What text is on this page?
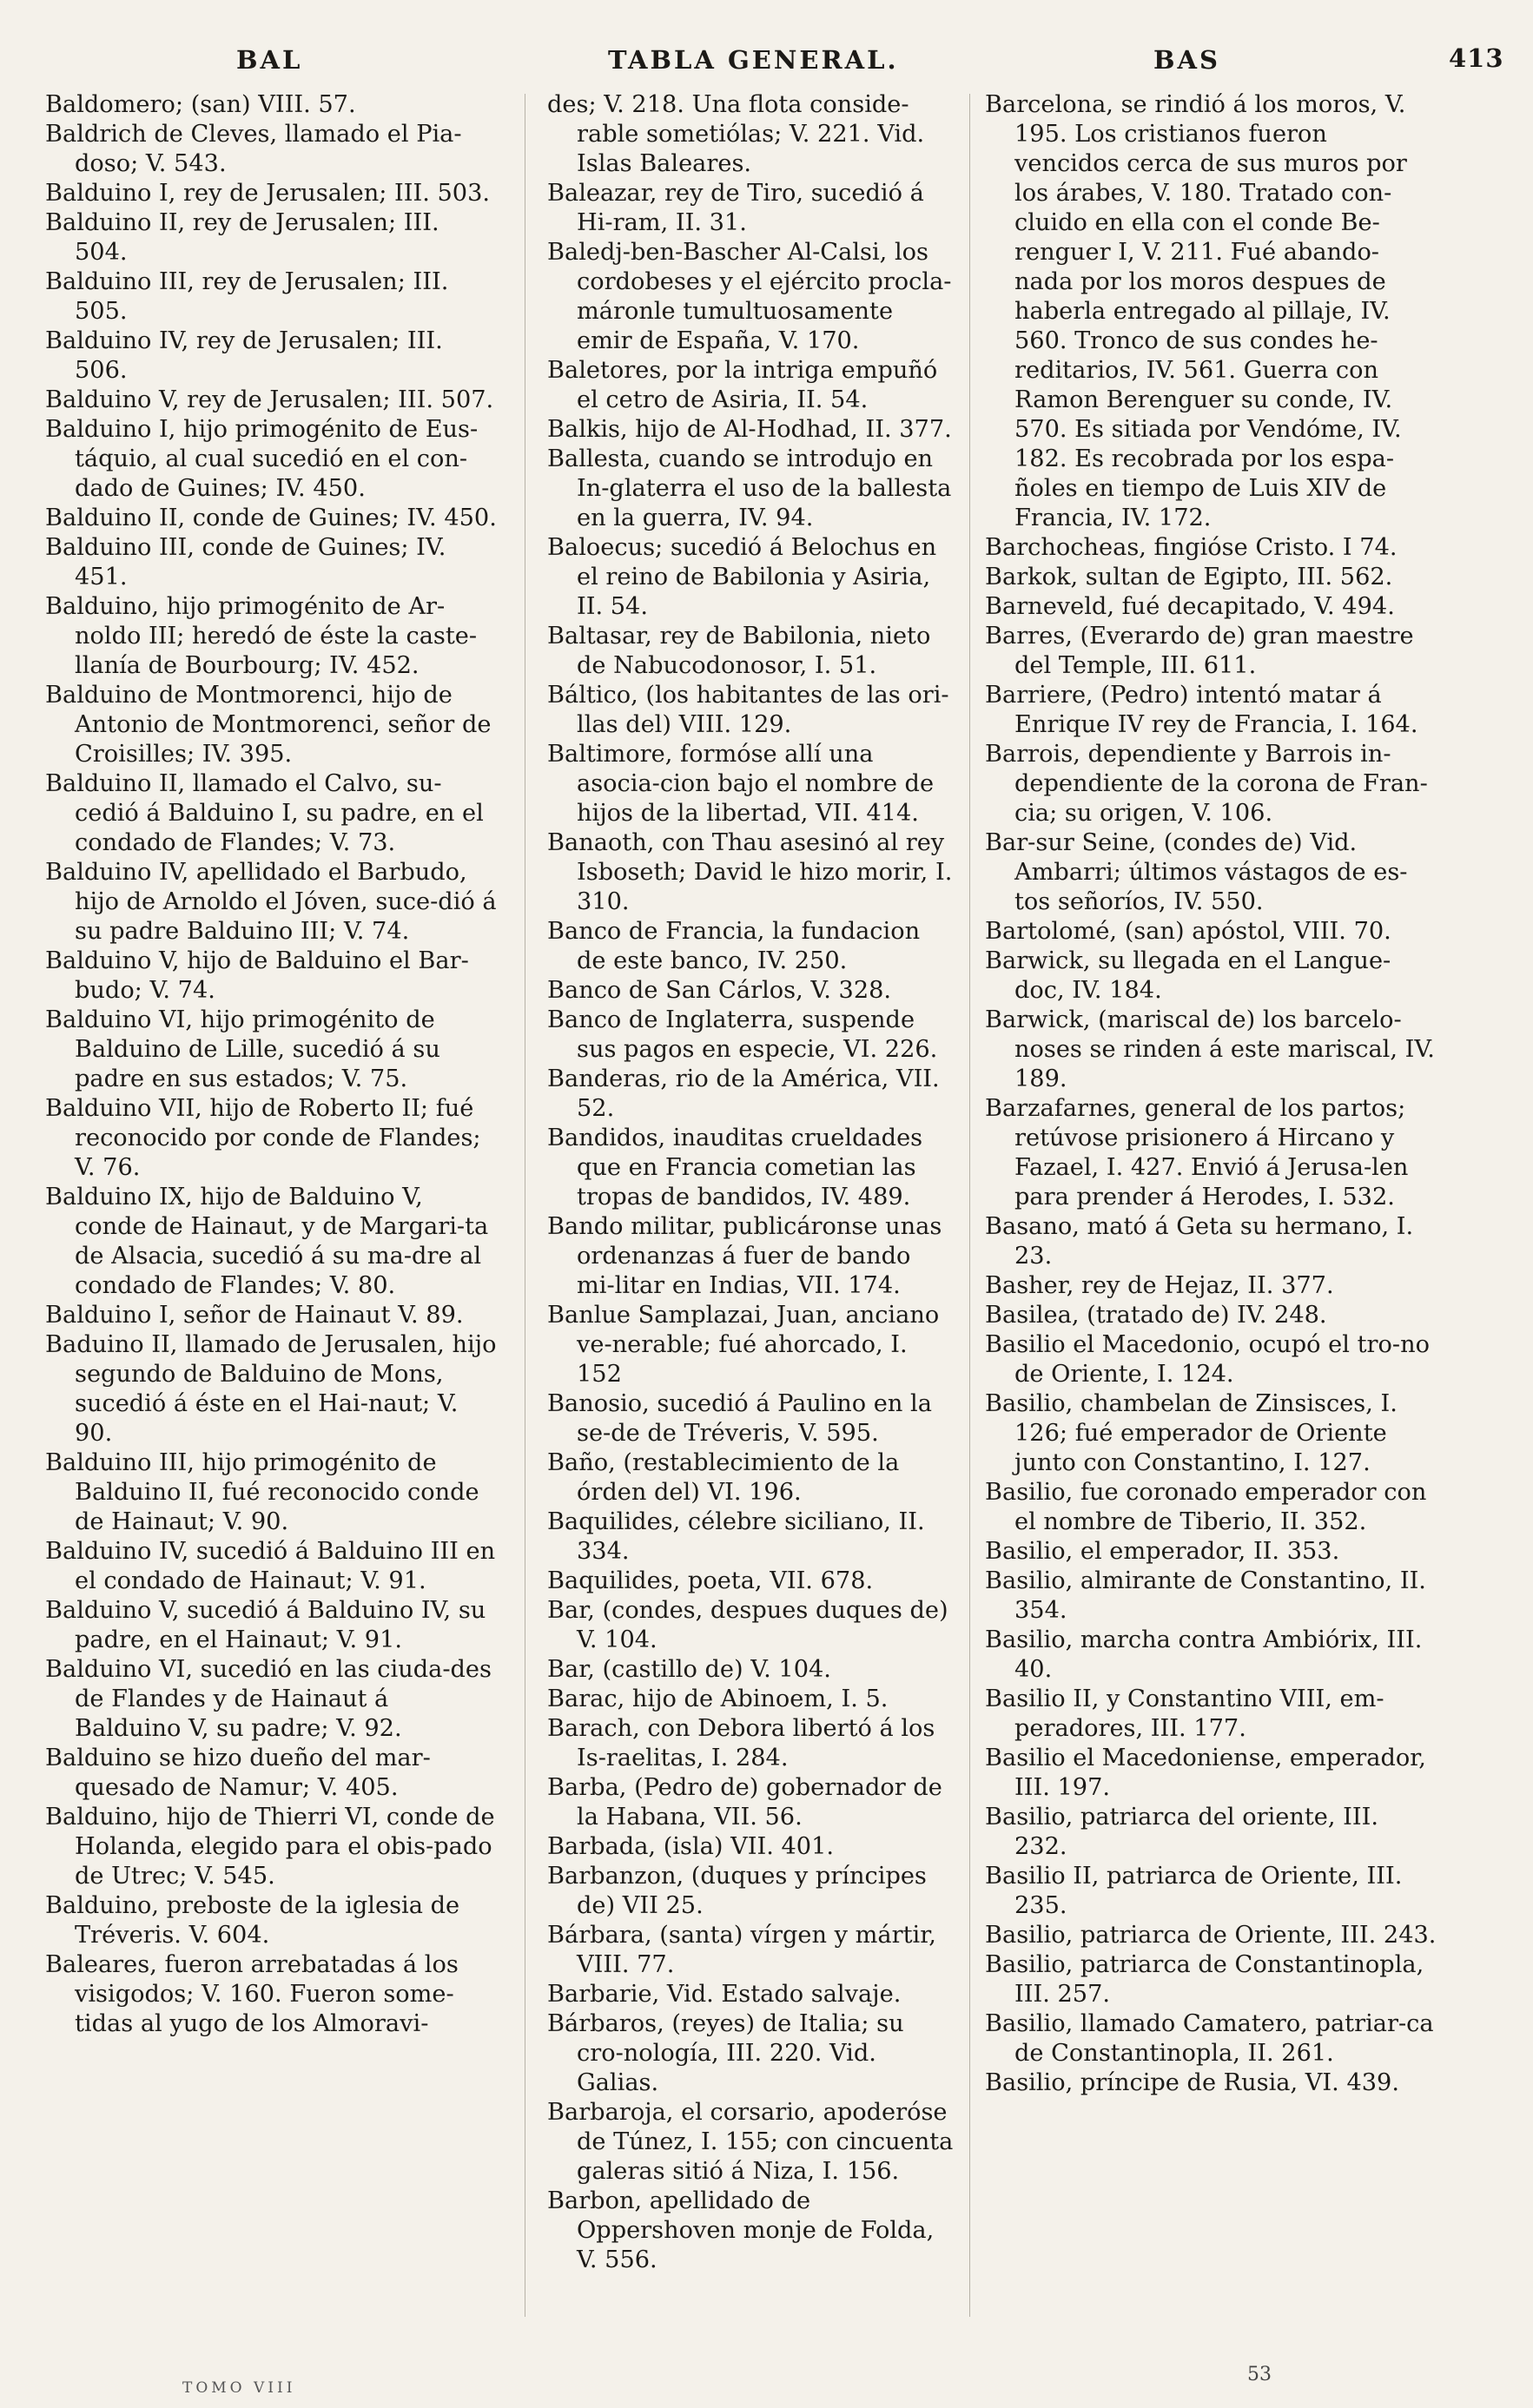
BAL	TABLA GENERAL.	BAS	413

Baldomero; (san) VIII. 57.

Baldrich de Cleves, llamado el Pia-doso; V. 543.

Balduino I, rey de Jerusalen; III. 503.

Balduino II, rey de Jerusalen; III. 504.

Balduino III, rey de Jerusalen; III. 505.

Balduino IV, rey de Jerusalen; III. 506.

Balduino V, rey de Jerusalen; III. 507.

Balduino I, hijo primogénito de Eus-táquio, al cual sucedió en el con-dado de Guines; IV. 450.

Balduino II, conde de Guines; IV. 450.

Balduino III, conde de Guines; IV. 451.

Balduino, hijo primogénito de Ar-noldo III; heredó de éste la caste-llanía de Bourbourg; IV. 452.

Balduino de Montmorenci, hijo de Antonio de Montmorenci, señor de Croisilles; IV. 395.

Balduino II, llamado el Calvo, su-cedió á Balduino I, su padre, en el condado de Flandes; V. 73.

Balduino IV, apellidado el Barbudo, hijo de Arnoldo el Jóven, suce-dió á su padre Balduino III; V. 74.

Balduino V, hijo de Balduino el Bar-budo; V. 74.

Balduino VI, hijo primogénito de Balduino de Lille, sucedió á su padre en sus estados; V. 75.

Balduino VII, hijo de Roberto II; fué reconocido por conde de Flandes; V. 76.

Balduino IX, hijo de Balduino V, conde de Hainaut, y de Margari-ta de Alsacia, sucedió á su ma-dre al condado de Flandes; V. 80.

Balduino I, señor de Hainaut V. 89.

Baduino II, llamado de Jerusalen, hijo segundo de Balduino de Mons, sucedió á éste en el Hai-naut; V. 90.

Balduino III, hijo primogénito de Balduino II, fué reconocido conde de Hainaut; V. 90.

Balduino IV, sucedió á Balduino III en el condado de Hainaut; V. 91.

Balduino V, sucedió á Balduino IV, su padre, en el Hainaut; V. 91.

Balduino VI, sucedió en las ciuda-des de Flandes y de Hainaut á Balduino V, su padre; V. 92.

Balduino se hizo dueño del mar-quesado de Namur; V. 405.

Balduino, hijo de Thierri VI, conde de Holanda, elegido para el obis-pado de Utrec; V. 545.

Balduino, preboste de la iglesia de Tréveris. V. 604.

Baleares, fueron arrebatadas á los visigodos; V. 160. Fueron some-tidas al yugo de los Almoravi-

des; V. 218. Una flota conside-rable sometiólas; V. 221. Vid. Islas Baleares.

Baleazar, rey de Tiro, sucedió á Hi-ram, II. 31.

Baledj-ben-Bascher Al-Calsi, los cordobeses y el ejército procla-máronle tumultuosamente emir de España, V. 170.

Baletores, por la intriga empuñó el cetro de Asiria, II. 54.

Balkis, hijo de Al-Hodhad, II. 377.

Ballesta, cuando se introdujo en In-glaterra el uso de la ballesta en la guerra, IV. 94.

Baloecus; sucedió á Belochus en el reino de Babilonia y Asiria, II. 54.

Baltasar, rey de Babilonia, nieto de Nabucodonosor, I. 51.

Báltico, (los habitantes de las ori-llas del) VIII. 129.

Baltimore, formóse allí una asocia-cion bajo el nombre de hijos de la libertad, VII. 414.

Banaoth, con Thau asesinó al rey Isboseth; David le hizo morir, I. 310.

Banco de Francia, la fundacion de este banco, IV. 250.

Banco de San Cárlos, V. 328.

Banco de Inglaterra, suspende sus pagos en especie, VI. 226.

Banderas, rio de la América, VII. 52.

Bandidos, inauditas crueldades que en Francia cometian las tropas de bandidos, IV. 489.

Bando militar, publicáronse unas ordenanzas á fuer de bando mi-litar en Indias, VII. 174.

Banlue Samplazai, Juan, anciano ve-nerable; fué ahorcado, I. 152

Banosio, sucedió á Paulino en la se-de de Tréveris, V. 595.

Baño, (restablecimiento de la órden del) VI. 196.

Baquilides, célebre siciliano, II. 334.

Baquilides, poeta, VII. 678.

Bar, (condes, despues duques de) V. 104.

Bar, (castillo de) V. 104.

Barac, hijo de Abinoem, I. 5.

Barach, con Debora libertó á los Is-raelitas, I. 284.

Barba, (Pedro de) gobernador de la Habana, VII. 56.

Barbada, (isla) VII. 401.

Barbanzon, (duques y príncipes de) VII 25.

Bárbara, (santa) vírgen y mártir, VIII. 77.

Barbarie, Vid. Estado salvaje.

Bárbaros, (reyes) de Italia; su cro-nología, III. 220. Vid. Galias.

Barbaroja, el corsario, apoderóse de Túnez, I. 155; con cincuenta galeras sitió á Niza, I. 156.

Barbon, apellidado de Oppershoven monje de Folda, V. 556.

Barcelona, se rindió á los moros, V. 195. Los cristianos fueron vencidos cerca de sus muros por los árabes, V. 180. Tratado con-cluido en ella con el conde Be-renguer I, V. 211. Fué abando-nada por los moros despues de haberla entregado al pillaje, IV. 560. Tronco de sus condes he-reditarios, IV. 561. Guerra con Ramon Berenguer su conde, IV. 570. Es sitiada por Vendóme, IV. 182. Es recobrada por los espa-ñoles en tiempo de Luis XIV de Francia, IV. 172.

Barchocheas, fingióse Cristo. I 74.

Barkok, sultan de Egipto, III. 562.

Barneveld, fué decapitado, V. 494.

Barres, (Everardo de) gran maestre del Temple, III. 611.

Barriere, (Pedro) intentó matar á Enrique IV rey de Francia, I. 164.

Barrois, dependiente y Barrois in-dependiente de la corona de Fran-cia; su origen, V. 106.

Bar-sur Seine, (condes de) Vid. Ambarri; últimos vástagos de es-tos señoríos, IV. 550.

Bartolomé, (san) apóstol, VIII. 70.

Barwick, su llegada en el Langue-doc, IV. 184.

Barwick, (mariscal de) los barcelo-noses se rinden á este mariscal, IV. 189.

Barzafarnes, general de los partos; retúvose prisionero á Hircano y Fazael, I. 427. Envió á Jerusa-len para prender á Herodes, I. 532.

Basano, mató á Geta su hermano, I. 23.

Basher, rey de Hejaz, II. 377.

Basilea, (tratado de) IV. 248.

Basilio el Macedonio, ocupó el tro-no de Oriente, I. 124.

Basilio, chambelan de Zinsisces, I. 126; fué emperador de Oriente junto con Constantino, I. 127.

Basilio, fue coronado emperador con el nombre de Tiberio, II. 352.

Basilio, el emperador, II. 353.

Basilio, almirante de Constantino, II. 354.

Basilio, marcha contra Ambiórix, III. 40.

Basilio II, y Constantino VIII, em-peradores, III. 177.

Basilio el Macedoniense, emperador, III. 197.

Basilio, patriarca del oriente, III. 232.

Basilio II, patriarca de Oriente, III. 235.

Basilio, patriarca de Oriente, III. 243.

Basilio, patriarca de Constantinopla, III. 257.

Basilio, llamado Camatero, patriar-ca de Constantinopla, II. 261.

Basilio, príncipe de Rusia, VI. 439.

TOMO VIII
53
